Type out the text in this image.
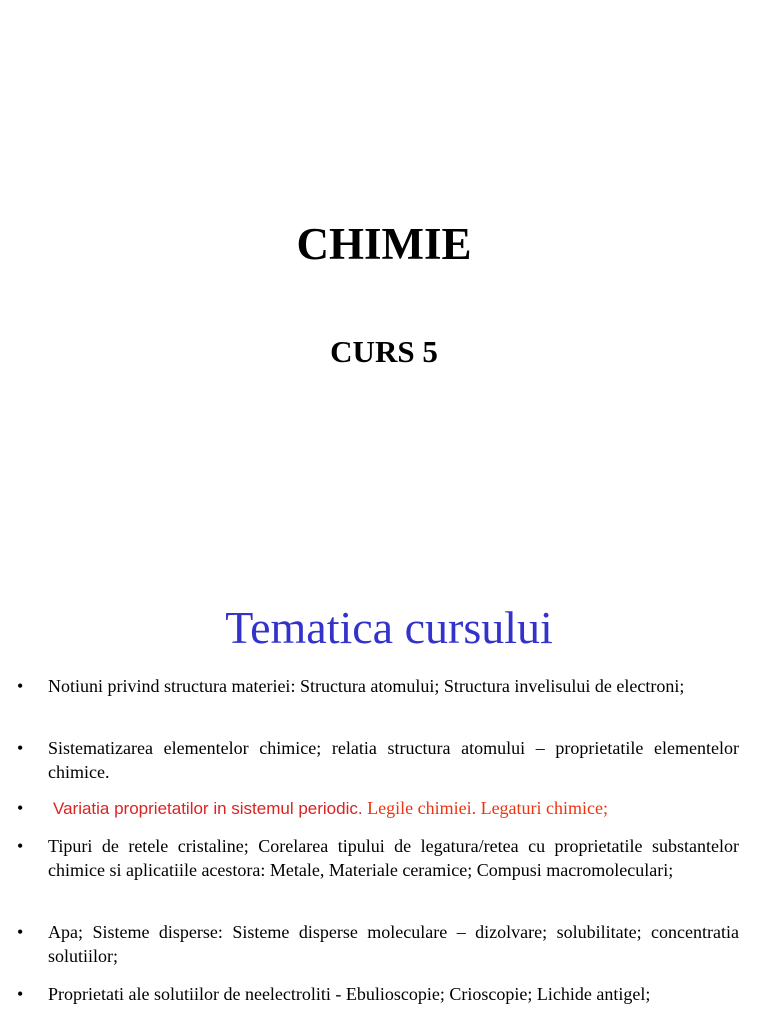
CHIMIE
CURS 5
Tematica cursului
• Notiuni privind structura materiei: Structura atomului; Structura invelisului de electroni;
• Sistematizarea elementelor chimice; relatia structura atomului – proprietatile elementelor chimice.
• Variatia proprietatilor in sistemul periodic. Legile chimiei. Legaturi chimice;
• Tipuri de retele cristaline; Corelarea tipului de legatura/retea cu proprietatile substantelor chimice si aplicatiile acestora: Metale, Materiale ceramice; Compusi macromoleculari;
• Apa; Sisteme disperse: Sisteme disperse moleculare – dizolvare; solubilitate; concentratia solutiilor;
• Proprietati ale solutiilor de neelectroliti - Ebulioscopie; Crioscopie; Lichide antigel;
